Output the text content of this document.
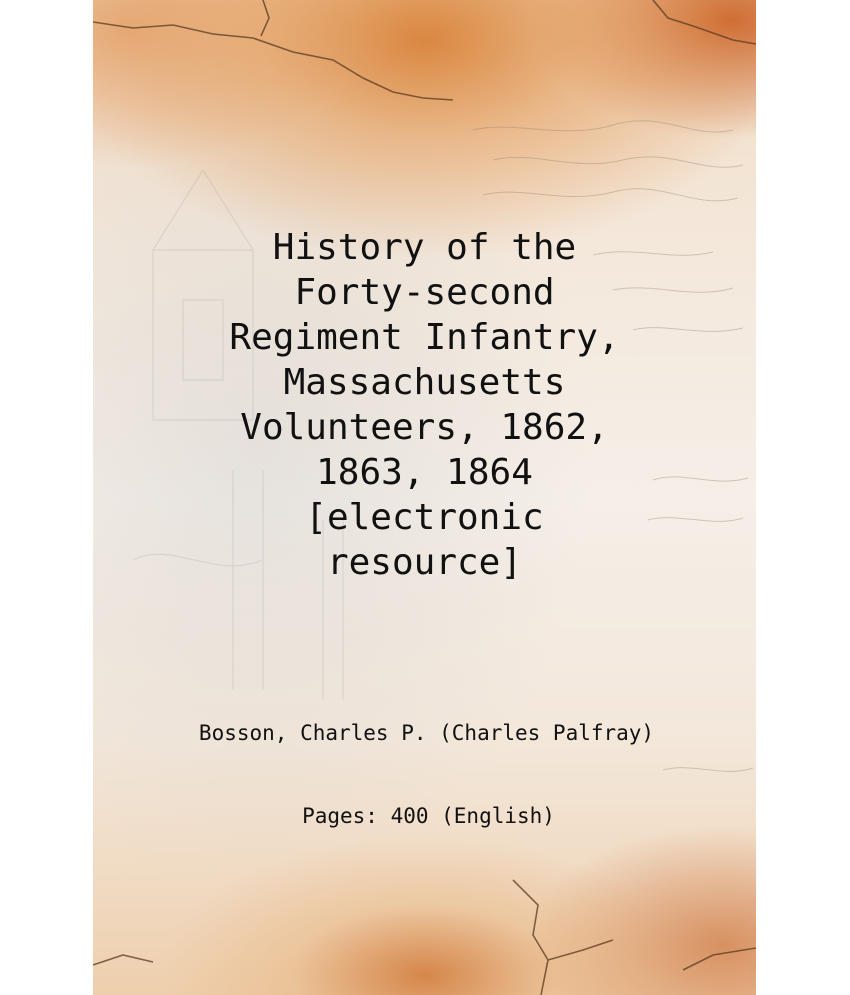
History of the
Forty-second
Regiment Infantry,
Massachusetts
Volunteers, 1862,
1863, 1864
[electronic
resource]
Bosson, Charles P. (Charles Palfray)
Pages: 400 (English)
